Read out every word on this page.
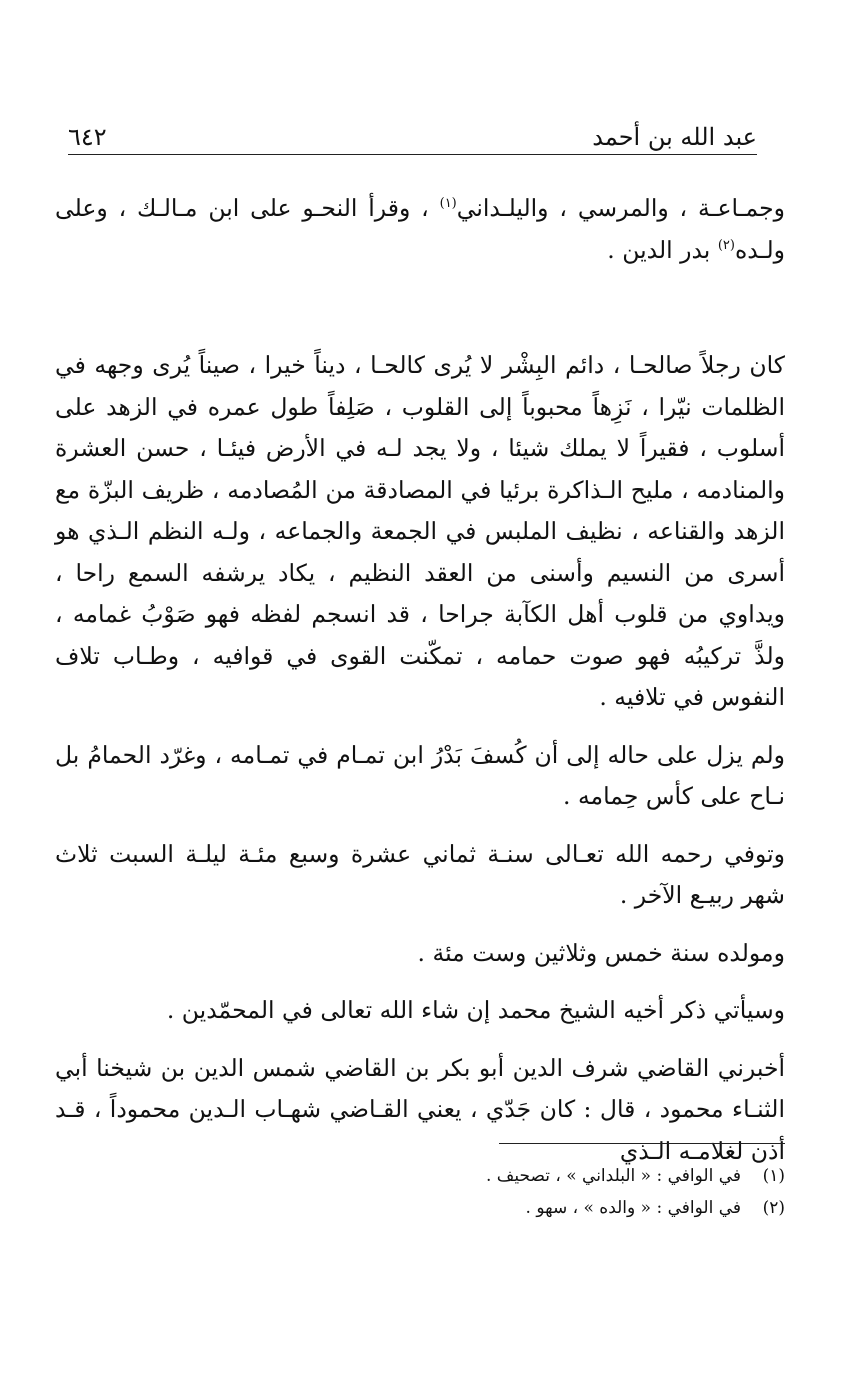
عبد الله بن أحمد
٦٤٢

وجمـاعـة ، والمرسي ، واليلـداني$^{(١)}$ ، وقرأ النحـو على ابن مـالـك ، وعلى ولـده$^{(٢)}$ بدر الدين .

كان رجلاً صالحـا ، دائم البِشْر لا يُرى كالحـا ، ديناً خيرا ، صيناً يُرى وجهه في الظلمات نيّرا ، نَزِهاً محبوباً إلى القلوب ، صَلِفاً طول عمره في الزهد على أسلوب ، فقيراً لا يملك شيئا ، ولا يجد لـه في الأرض فيئـا ، حسن العشرة والمنادمه ، مليح الـذاكرة برئيا في المصادقة من المُصادمه ، ظريف البزّة مع الزهد والقناعه ، نظيف الملبس في الجمعة والجماعه ، ولـه النظم الـذي هو أسرى من النسيم وأسنى من العقد النظيم ، يكاد يرشفه السمع راحا ، ويداوي من قلوب أهل الكآبة جراحا ، قد انسجم لفظه فهو صَوْبُ غمامه ، ولذَّ تركيبُه فهو صوت حمامه ، تمكّنت القوى في قوافيه ، وطـاب تلاف النفوس في تلافيه .

ولم يزل على حاله إلى أن كُسفَ بَدْرُ ابن تمـام في تمـامه ، وغرّد الحمامُ بل نـاح على كأس حِمامه .

وتوفي رحمه الله تعـالى سنـة ثماني عشرة وسبع مئـة ليلـة السبت ثلاث شهر ربيـع الآخر .

ومولده سنة خمس وثلاثين وست مئة .

وسيأتي ذكر أخيه الشيخ محمد إن شاء الله تعالى في المحمّدين .

أخبرني القاضي شرف الدين أبو بكر بن القاضي شمس الدين بن شيخنا أبي الثنـاء محمود ، قال : كان جَدّي ، يعني القـاضي شهـاب الـدين محموداً ، قـد أذن لغلامـه الـذي

(١)في الوافي : « البلداني » ، تصحيف .
(٢)في الوافي : « والده » ، سهو .
